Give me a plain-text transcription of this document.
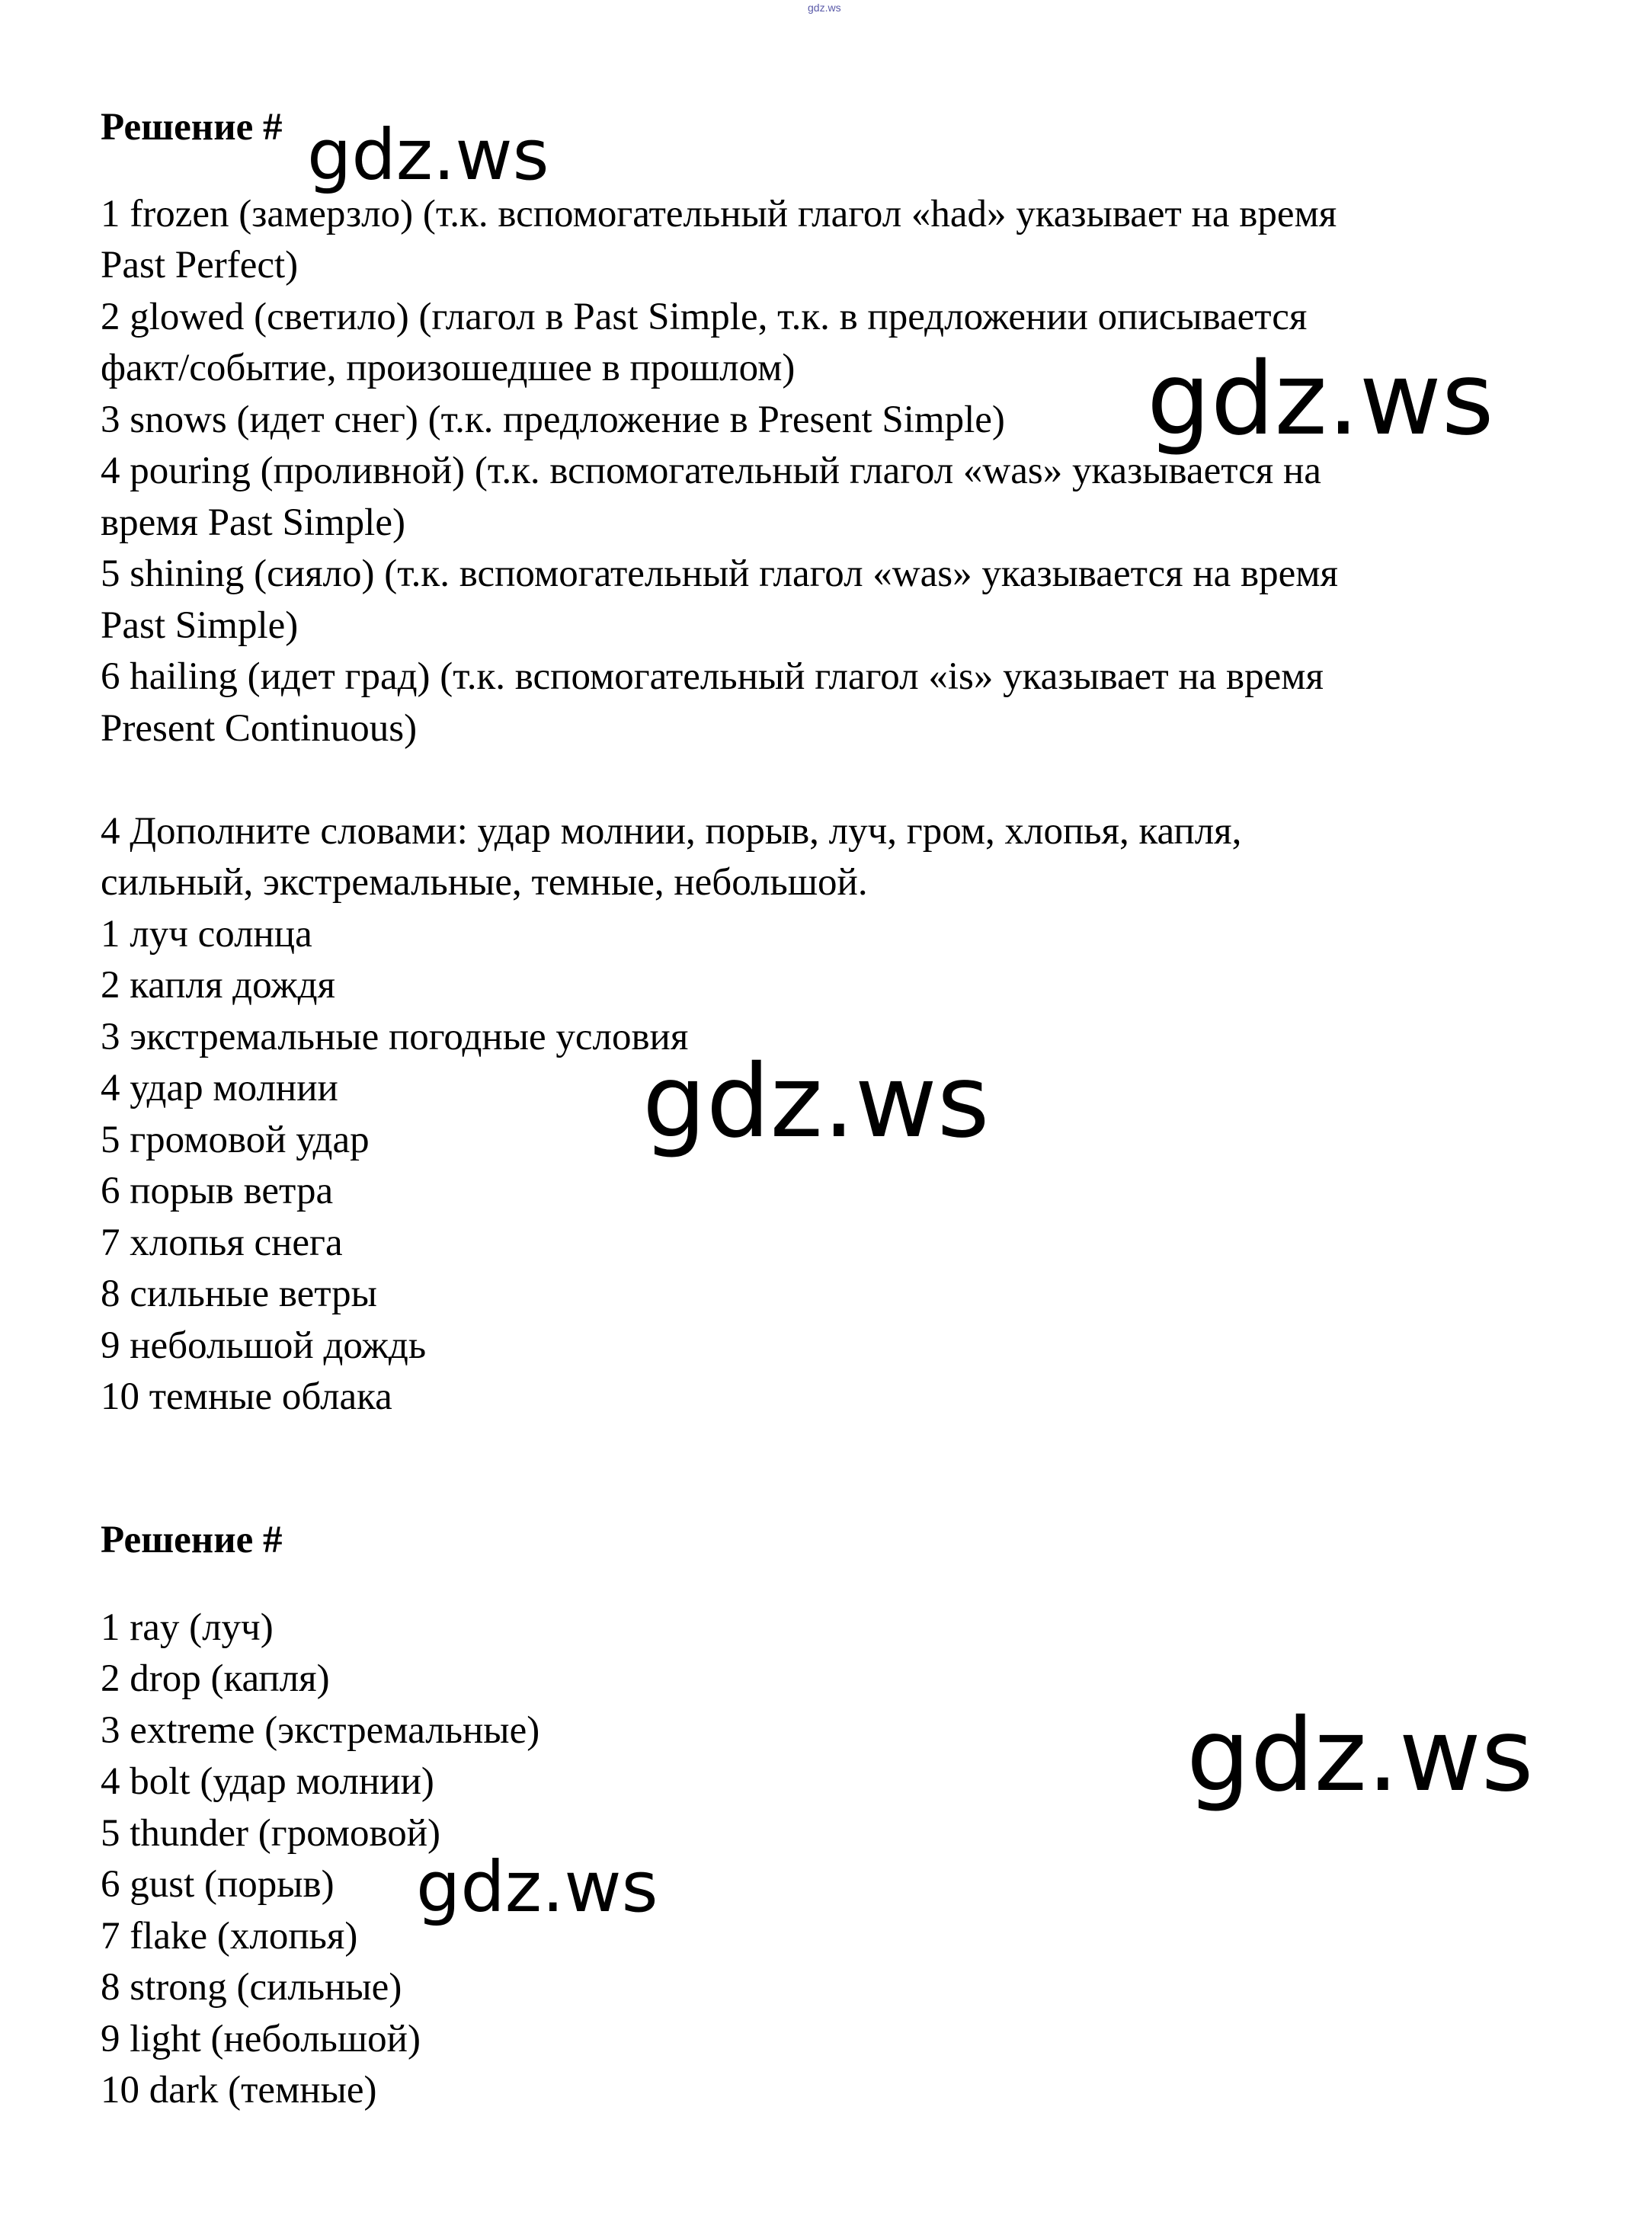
gdz.ws
Решение #
1 frozen (замерзло) (т.к. вспомогательный глагол «had» указывает на время
Past Perfect)
2 glowed (светило) (глагол в Past Simple, т.к. в предложении описывается
факт/событие, произошедшее в прошлом)
3 snows (идет снег) (т.к. предложение в Present Simple)
4 pouring (проливной) (т.к. вспомогательный глагол «was» указывается на
время Past Simple)
5 shining (сияло) (т.к. вспомогательный глагол «was» указывается на время
Past Simple)
6 hailing (идет град) (т.к. вспомогательный глагол «is» указывает на время
Present Continuous)
4 Дополните словами: удар молнии, порыв, луч, гром, хлопья, капля,
сильный, экстремальные, темные, небольшой.
1 луч солнца
2 капля дождя
3 экстремальные погодные условия
4 удар молнии
5 громовой удар
6 порыв ветра
7 хлопья снега
8 сильные ветры
9 небольшой дождь
10 темные облака
Решение #
1 ray (луч)
2 drop (капля)
3 extreme (экстремальные)
4 bolt (удар молнии)
5 thunder (громовой)
6 gust (порыв)
7 flake (хлопья)
8 strong (сильные)
9 light (небольшой)
10 dark (темные)
gdz.ws
gdz.ws
gdz.ws
gdz.ws
gdz.ws
